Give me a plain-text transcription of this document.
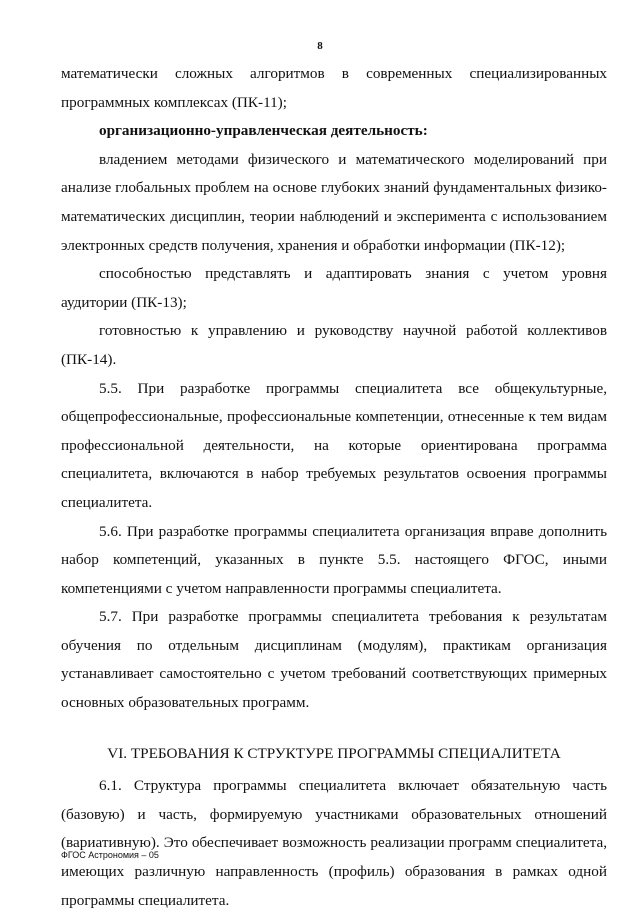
8

математически сложных алгоритмов в современных специализированных программных комплексах (ПК-11);

организационно-управленческая деятельность:

владением методами физического и математического моделирований при анализе глобальных проблем на основе глубоких знаний фундаментальных физико-математических дисциплин, теории наблюдений и эксперимента с использованием электронных средств получения, хранения и обработки информации (ПК-12);

способностью представлять и адаптировать знания с учетом уровня аудитории (ПК-13);

готовностью к управлению и руководству научной работой коллективов (ПК-14).

5.5. При разработке программы специалитета все общекультурные, общепрофессиональные, профессиональные компетенции, отнесенные к тем видам профессиональной деятельности, на которые ориентирована программа специалитета, включаются в набор требуемых результатов освоения программы специалитета.

5.6. При разработке программы специалитета организация вправе дополнить набор компетенций, указанных в пункте 5.5. настоящего ФГОС, иными компетенциями с учетом направленности программы специалитета.

5.7. При разработке программы специалитета требования к результатам обучения по отдельным дисциплинам (модулям), практикам организация устанавливает самостоятельно с учетом требований соответствующих примерных основных образовательных программ.

VI. ТРЕБОВАНИЯ К СТРУКТУРЕ ПРОГРАММЫ СПЕЦИАЛИТЕТА

6.1. Структура программы специалитета включает обязательную часть (базовую) и часть, формируемую участниками образовательных отношений (вариативную). Это обеспечивает возможность реализации программ специалитета, имеющих различную направленность (профиль) образования в рамках одной программы специалитета.

ФГОС Астрономия – 05
